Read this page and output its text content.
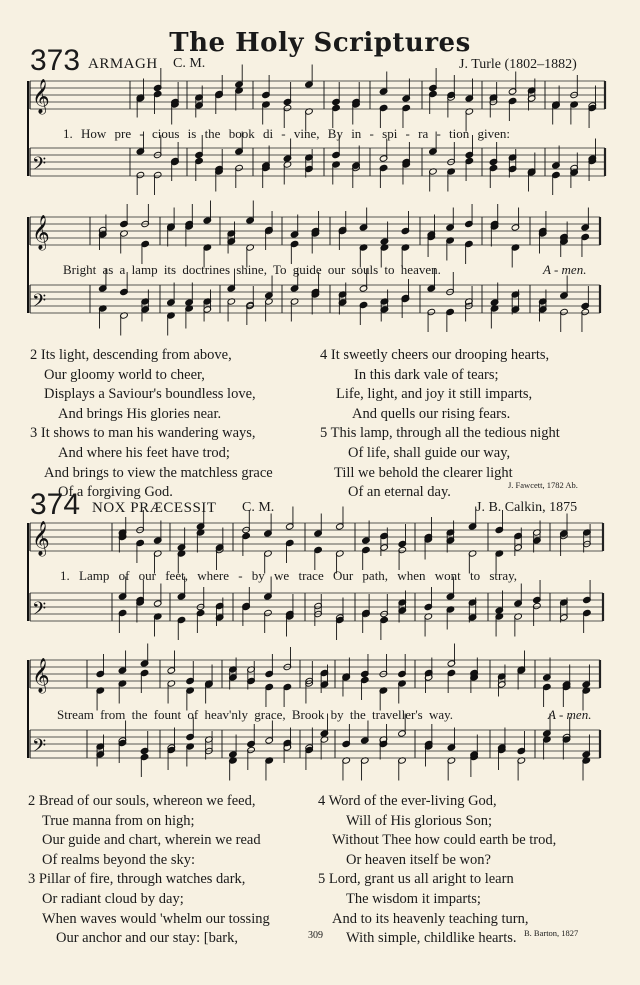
𝄞
𝄢
𝄞
𝄢
𝄞
𝄢
𝄞
𝄢
The Holy Scriptures
373 ARMAGH C. M.	J. Turle (1802–1882)
1. How pre - cious is the book di - vine, By in - spi - ra - tion given:
Bright as a lamp its doctrines shine, To guide our souls to heaven.	A - men.
2 Its light, descending from above,
Our gloomy world to cheer,
Displays a Saviour's boundless love,
And brings His glories near.
3 It shows to man his wandering ways,
And where his feet have trod;
And brings to view the matchless grace
Of a forgiving God.
4 It sweetly cheers our drooping hearts,
In this dark vale of tears;
Life, light, and joy it still imparts,
And quells our rising fears.
5 This lamp, through all the tedious night
Of life, shall guide our way,
Till we behold the clearer light
Of an eternal day.	J. Fawcett, 1782 Ab.
374 NOX PRÆCESSIT C. M.	J. B. Calkin, 1875
1. Lamp of our feet, where - by we trace Our path, when wont to stray,
Stream from the fount of heav'nly grace, Brook by the traveller's way.	A - men.
2 Bread of our souls, whereon we feed,
True manna from on high;
Our guide and chart, wherein we read
Of realms beyond the sky:
3 Pillar of fire, through watches dark,
Or radiant cloud by day;
When waves would 'whelm our tossing
Our anchor and our stay: [bark,
4 Word of the ever-living God,
Will of His glorious Son;
Without Thee how could earth be trod,
Or heaven itself be won?
5 Lord, grant us all aright to learn
The wisdom it imparts;
And to its heavenly teaching turn,
With simple, childlike hearts.
309	B. Barton, 1827
